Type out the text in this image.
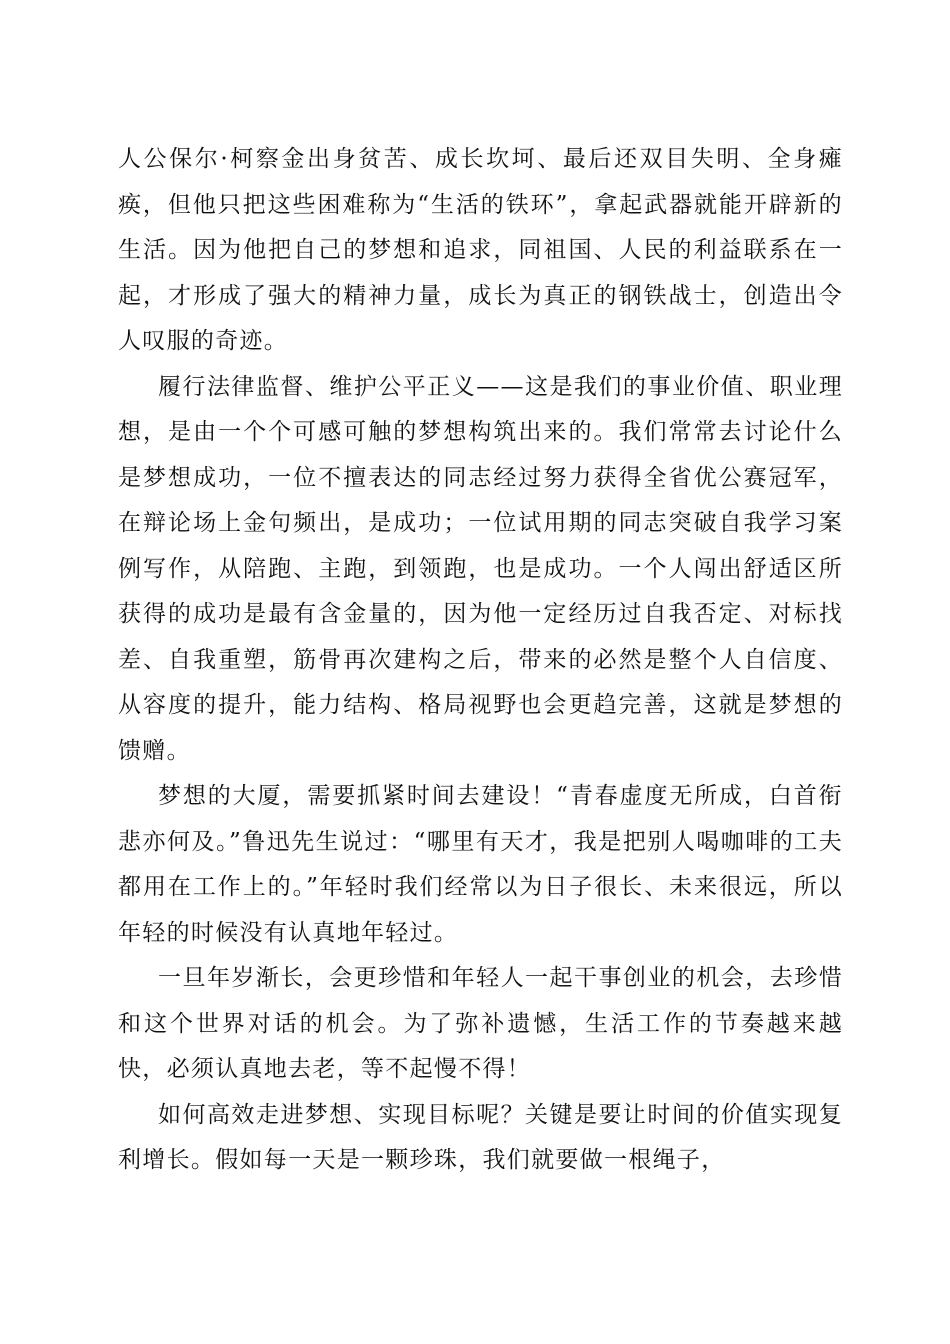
人公保尔·柯察金出身贫苦、成长坎坷、最后还双目失明、全身瘫痪，但他只把这些困难称为“生活的铁环”，拿起武器就能开辟新的生活。因为他把自己的梦想和追求，同祖国、人民的利益联系在一起，才形成了强大的精神力量，成长为真正的钢铁战士，创造出令人叹服的奇迹。

履行法律监督、维护公平正义——这是我们的事业价值、职业理想，是由一个个可感可触的梦想构筑出来的。我们常常去讨论什么是梦想成功，一位不擅表达的同志经过努力获得全省优公赛冠军，在辩论场上金句频出，是成功；一位试用期的同志突破自我学习案例写作，从陪跑、主跑，到领跑，也是成功。一个人闯出舒适区所获得的成功是最有含金量的，因为他一定经历过自我否定、对标找差、自我重塑，筋骨再次建构之后，带来的必然是整个人自信度、从容度的提升，能力结构、格局视野也会更趋完善，这就是梦想的馈赠。

梦想的大厦，需要抓紧时间去建设！“青春虚度无所成，白首衔悲亦何及。”鲁迅先生说过：“哪里有天才，我是把别人喝咖啡的工夫都用在工作上的。”年轻时我们经常以为日子很长、未来很远，所以年轻的时候没有认真地年轻过。

一旦年岁渐长，会更珍惜和年轻人一起干事创业的机会，去珍惜和这个世界对话的机会。为了弥补遗憾，生活工作的节奏越来越快，必须认真地去老，等不起慢不得！

如何高效走进梦想、实现目标呢？关键是要让时间的价值实现复利增长。假如每一天是一颗珍珠，我们就要做一根绳子，
